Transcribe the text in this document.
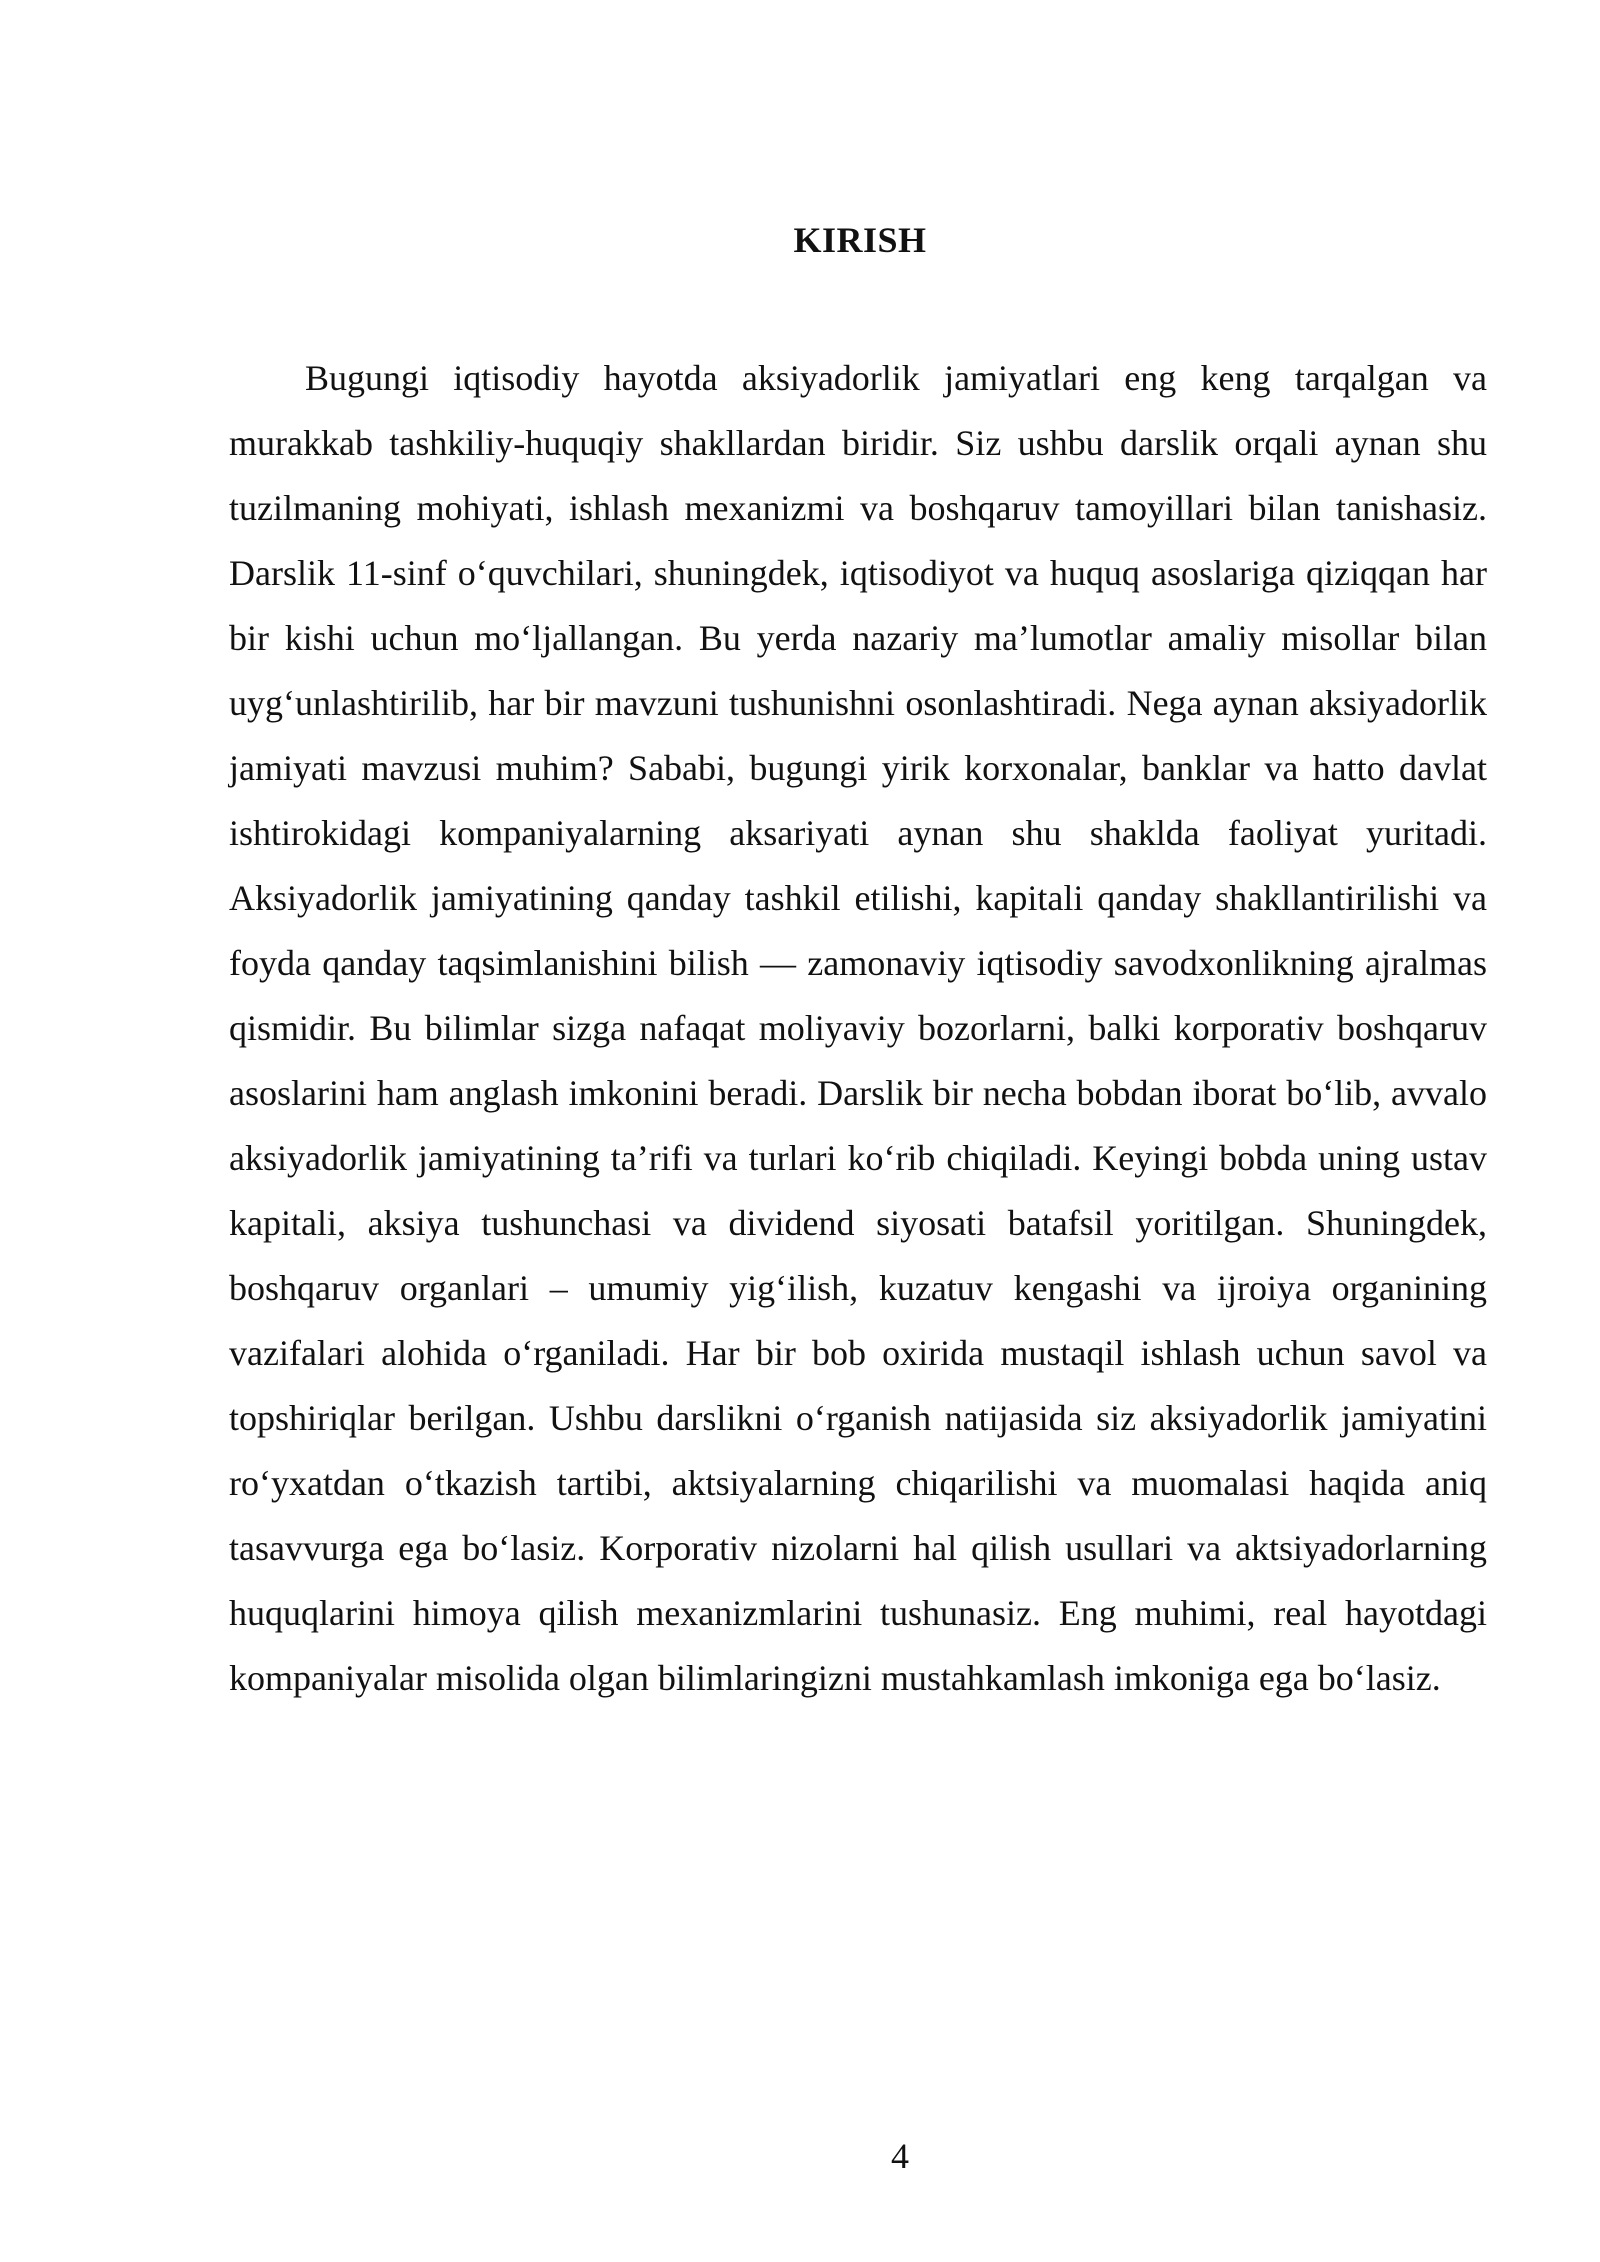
KIRISH

Bugungi iqtisodiy hayotda aksiyadorlik jamiyatlari eng keng tarqalgan va murakkab tashkiliy-huquqiy shakllardan biridir. Siz ushbu darslik orqali aynan shu tuzilmaning mohiyati, ishlash mexanizmi va boshqaruv tamoyillari bilan tanishasiz. Darslik 11-sinf o‘quvchilari, shuningdek, iqtisodiyot va huquq asoslariga qiziqqan har bir kishi uchun mo‘ljallangan. Bu yerda nazariy ma’lumotlar amaliy misollar bilan uyg‘unlashtirilib, har bir mavzuni tushunishni osonlashtiradi. Nega aynan aksiyadorlik jamiyati mavzusi muhim? Sababi, bugungi yirik korxonalar, banklar va hatto davlat ishtirokidagi kompaniyalarning aksariyati aynan shu shaklda faoliyat yuritadi. Aksiyadorlik jamiyatining qanday tashkil etilishi, kapitali qanday shakllantirilishi va foyda qanday taqsimlanishini bilish — zamonaviy iqtisodiy savodxonlikning ajralmas qismidir. Bu bilimlar sizga nafaqat moliyaviy bozorlarni, balki korporativ boshqaruv asoslarini ham anglash imkonini beradi. Darslik bir necha bobdan iborat bo‘lib, avvalo aksiyadorlik jamiyatining ta’rifi va turlari ko‘rib chiqiladi. Keyingi bobda uning ustav kapitali, aksiya tushunchasi va dividend siyosati batafsil yoritilgan. Shuningdek, boshqaruv organlari – umumiy yig‘ilish, kuzatuv kengashi va ijroiya organining vazifalari alohida o‘rganiladi. Har bir bob oxirida mustaqil ishlash uchun savol va topshiriqlar berilgan. Ushbu darslikni o‘rganish natijasida siz aksiyadorlik jamiyatini ro‘yxatdan o‘tkazish tartibi, aktsiyalarning chiqarilishi va muomalasi haqida aniq tasavvurga ega bo‘lasiz. Korporativ nizolarni hal qilish usullari va aktsiyadorlarning huquqlarini himoya qilish mexanizmlarini tushunasiz. Eng muhimi, real hayotdagi kompaniyalar misolida olgan bilimlaringizni mustahkamlash imkoniga ega bo‘lasiz.

4
